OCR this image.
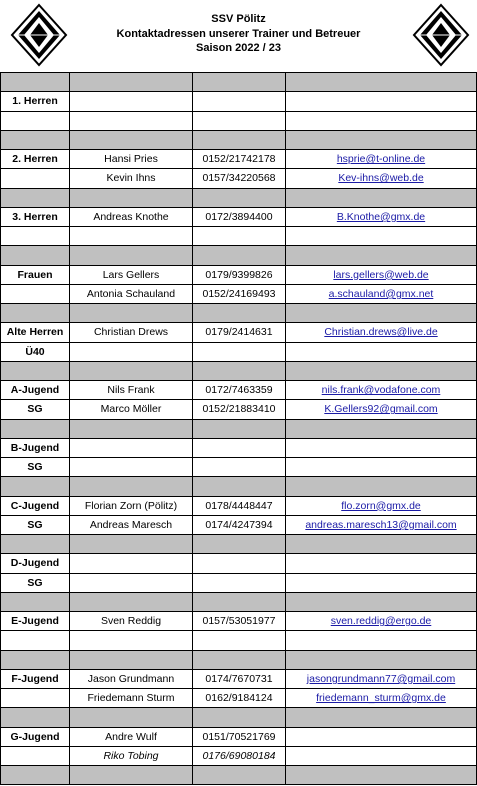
SSV Pölitz
Kontaktadressen unserer Trainer und Betreuer
Saison 2022 / 23

1. Herren			

2. Herren	Hansi Pries	0152/21742178	hsprie@t-online.de
	Kevin Ihns	0157/34220568	Kev-ihns@web.de

3. Herren	Andreas Knothe	0172/3894400	B.Knothe@gmx.de

Frauen	Lars Gellers	0179/9399826	lars.gellers@web.de
	Antonia Schauland	0152/24169493	a.schauland@gmx.net

Alte Herren	Christian Drews	0179/2414631	Christian.drews@live.de
Ü40			

A-Jugend	Nils Frank	0172/7463359	nils.frank@vodafone.com
SG	Marco Möller	0152/21883410	K.Gellers92@gmail.com

B-Jugend			
SG			

C-Jugend	Florian Zorn (Pölitz)	0178/4448447	flo.zorn@gmx.de
SG	Andreas Maresch	0174/4247394	andreas.maresch13@gmail.com

D-Jugend			
SG			

E-Jugend	Sven Reddig	0157/53051977	sven.reddig@ergo.de

F-Jugend	Jason Grundmann	0174/7670731	jasongrundmann77@gmail.com
	Friedemann Sturm	0162/9184124	friedemann_sturm@gmx.de

G-Jugend	Andre Wulf	0151/70521769	
	Riko Tobing	0176/69080184	
